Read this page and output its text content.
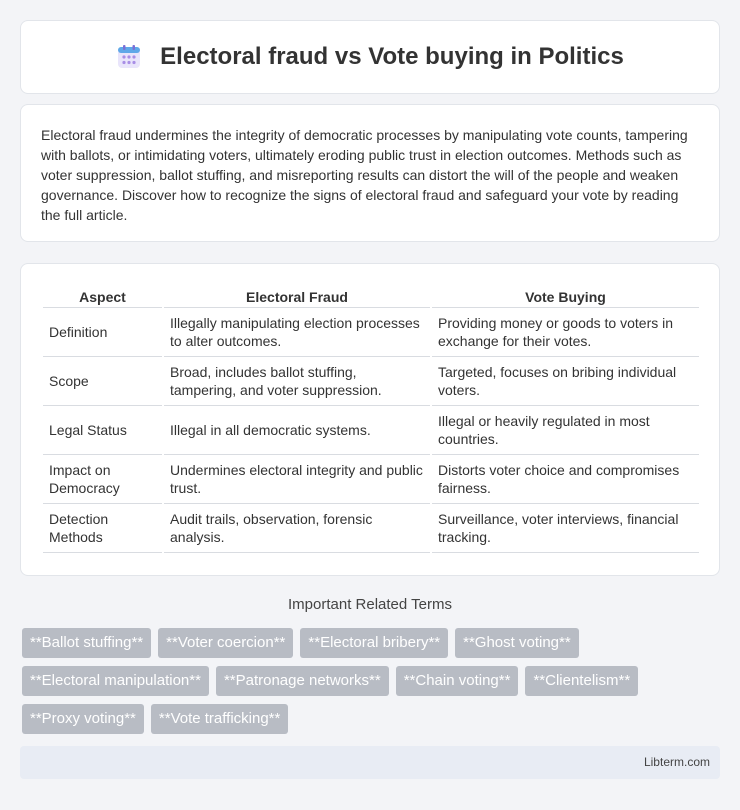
Electoral fraud vs Vote buying in Politics

Electoral fraud undermines the integrity of democratic processes by manipulating vote counts, tampering with ballots, or intimidating voters, ultimately eroding public trust in election outcomes. Methods such as voter suppression, ballot stuffing, and misreporting results can distort the will of the people and weaken governance. Discover how to recognize the signs of electoral fraud and safeguard your vote by reading the full article.

Aspect	Electoral Fraud	Vote Buying
Definition	Illegally manipulating election processes to alter outcomes.	Providing money or goods to voters in exchange for their votes.
Scope	Broad, includes ballot stuffing, tampering, and voter suppression.	Targeted, focuses on bribing individual voters.
Legal Status	Illegal in all democratic systems.	Illegal or heavily regulated in most countries.
Impact on Democracy	Undermines electoral integrity and public trust.	Distorts voter choice and compromises fairness.
Detection Methods	Audit trails, observation, forensic analysis.	Surveillance, voter interviews, financial tracking.
Important Related Terms
**Ballot stuffing**	**Voter coercion**	**Electoral bribery**	**Ghost voting**
**Electoral manipulation**	**Patronage networks**	**Chain voting**	**Clientelism**
**Proxy voting**	**Vote trafficking**
Libterm.com
